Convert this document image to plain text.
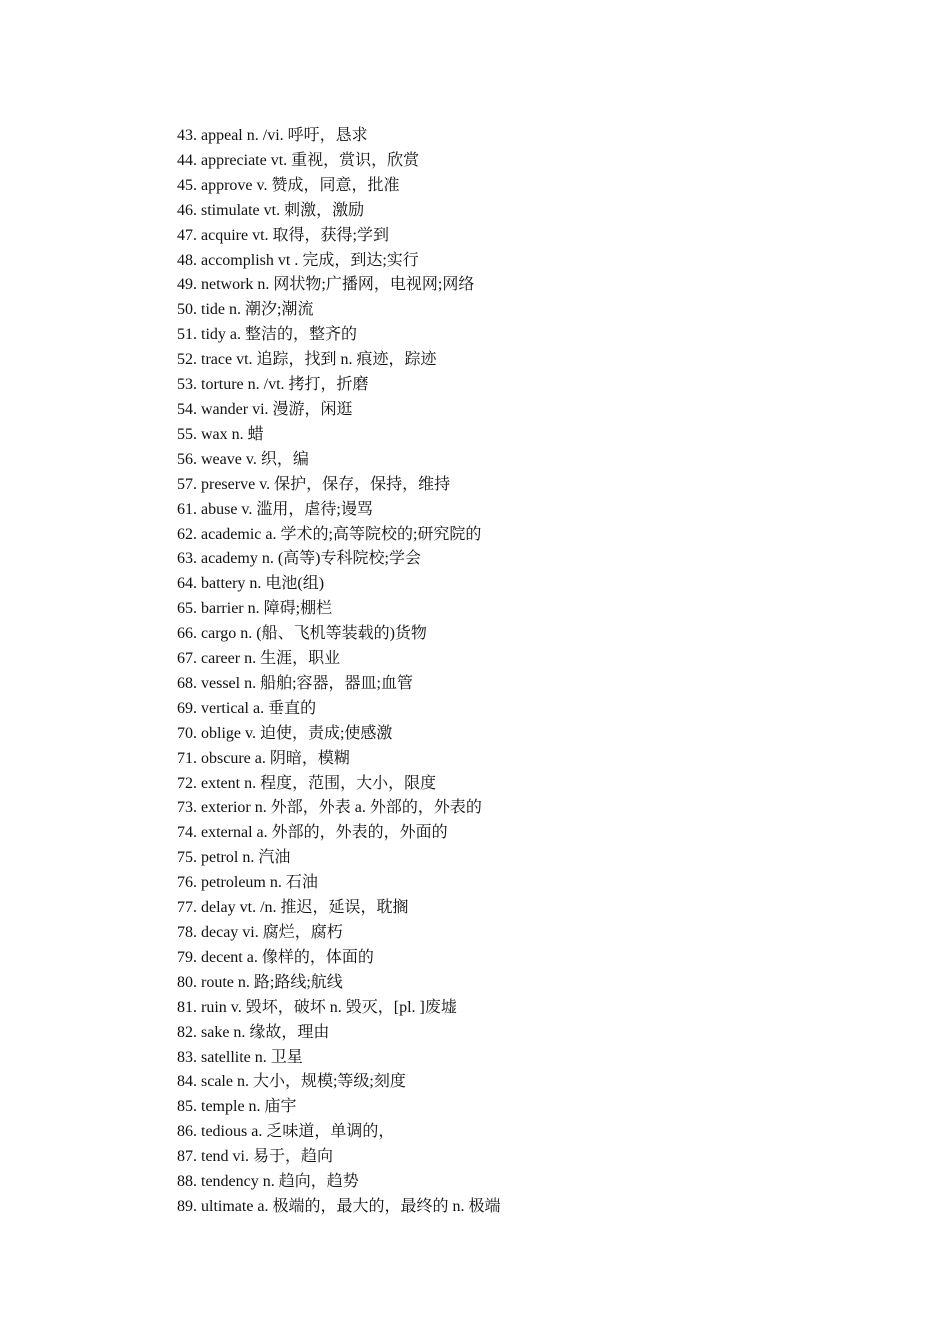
43. appeal n. /vi. 呼吁，恳求
44. appreciate vt. 重视，赏识，欣赏
45. approve v. 赞成，同意，批准
46. stimulate vt. 刺激，激励
47. acquire vt. 取得，获得;学到
48. accomplish vt . 完成，到达;实行
49. network n. 网状物;广播网，电视网;网络
50. tide n. 潮汐;潮流
51. tidy a. 整洁的，整齐的
52. trace vt. 追踪，找到 n. 痕迹，踪迹
53. torture n. /vt. 拷打，折磨
54. wander vi. 漫游，闲逛
55. wax n. 蜡
56. weave v. 织，编
57. preserve v. 保护，保存，保持，维持
61. abuse v. 滥用，虐待;谩骂
62. academic a. 学术的;高等院校的;研究院的
63. academy n. (高等)专科院校;学会
64. battery n. 电池(组)
65. barrier n. 障碍;棚栏
66. cargo n. (船、飞机等装载的)货物
67. career n. 生涯，职业
68. vessel n. 船舶;容器，器皿;血管
69. vertical a. 垂直的
70. oblige v. 迫使，责成;使感激
71. obscure a. 阴暗，模糊
72. extent n. 程度，范围，大小，限度
73. exterior n. 外部，外表 a. 外部的，外表的
74. external a. 外部的，外表的，外面的
75. petrol n. 汽油
76. petroleum n. 石油
77. delay vt. /n. 推迟，延误，耽搁
78. decay vi. 腐烂，腐朽
79. decent a. 像样的，体面的
80. route n. 路;路线;航线
81. ruin v. 毁坏，破坏 n. 毁灭，[pl. ]废墟
82. sake n. 缘故，理由
83. satellite n. 卫星
84. scale n. 大小，规模;等级;刻度
85. temple n. 庙宇
86. tedious a. 乏味道，单调的，
87. tend vi. 易于，趋向
88. tendency n. 趋向，趋势
89. ultimate a. 极端的，最大的，最终的 n. 极端
